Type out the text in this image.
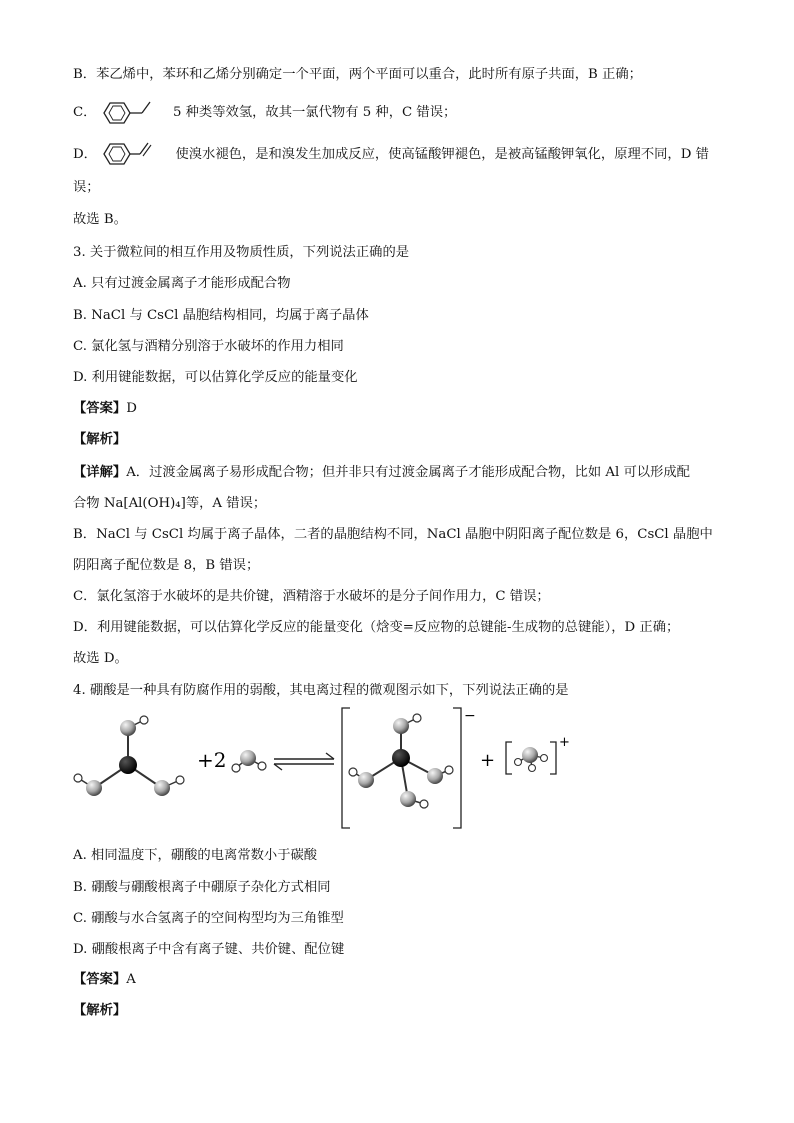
B．苯乙烯中，苯环和乙烯分别确定一个平面，两个平面可以重合，此时所有原子共面，B 正确；
C．	5 种类等效氢，故其一氯代物有 5 种，C 错误；
D．	使溴水褪色，是和溴发生加成反应，使高锰酸钾褪色，是被高锰酸钾氧化，原理不同，D 错
误；
故选 B。
3. 关于微粒间的相互作用及物质性质，下列说法正确的是
A. 只有过渡金属离子才能形成配合物
B. NaCl 与 CsCl 晶胞结构相同，均属于离子晶体
C. 氯化氢与酒精分别溶于水破坏的作用力相同
D. 利用键能数据，可以估算化学反应的能量变化
【答案】D
【解析】
【详解】A．过渡金属离子易形成配合物；但并非只有过渡金属离子才能形成配合物，比如 Al 可以形成配
合物 Na[Al(OH)₄]等，A 错误；
B．NaCl 与 CsCl 均属于离子晶体，二者的晶胞结构不同，NaCl 晶胞中阴阳离子配位数是 6，CsCl 晶胞中
阴阳离子配位数是 8，B 错误；
C．氯化氢溶于水破坏的是共价键，酒精溶于水破坏的是分子间作用力，C 错误；
D．利用键能数据，可以估算化学反应的能量变化（焓变=反应物的总键能-生成物的总键能），D 正确；
故选 D。
4. 硼酸是一种具有防腐作用的弱酸，其电离过程的微观图示如下，下列说法正确的是
+2
−
+
+
A. 相同温度下，硼酸的电离常数小于碳酸
B. 硼酸与硼酸根离子中硼原子杂化方式相同
C. 硼酸与水合氢离子的空间构型均为三角锥型
D. 硼酸根离子中含有离子键、共价键、配位键
【答案】A
【解析】
